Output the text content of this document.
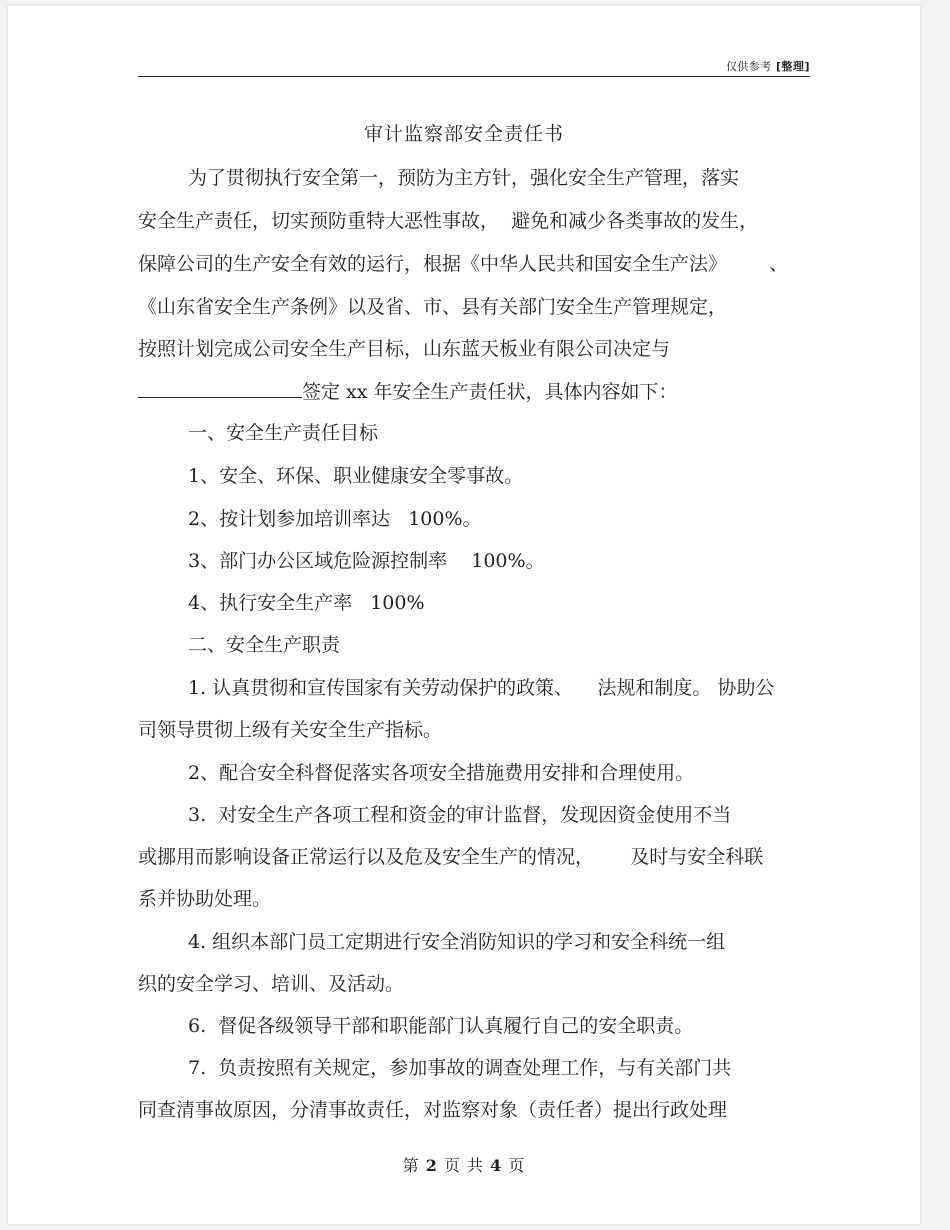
仅供参考 [整理]
审计监察部安全责任书
为了贯彻执行安全第一，预防为主方针，强化安全生产管理，落实
安全生产责任，切实预防重特大恶性事故，  避免和减少各类事故的发生，
保障公司的生产安全有效的运行，根据《中华人民共和国安全生产法》       、
《山东省安全生产条例》以及省、市、县有关部门安全生产管理规定，
按照计划完成公司安全生产目标，山东蓝天板业有限公司决定与
签定 xx 年安全生产责任状，具体内容如下：
一、安全生产责任目标
1、安全、环保、职业健康安全零事故。
2、按计划参加培训率达   100%。
3、部门办公区域危险源控制率    100%。
4、执行安全生产率   100%
二、安全生产职责
1. 认真贯彻和宣传国家有关劳动保护的政策、    法规和制度。 协助公
司领导贯彻上级有关安全生产指标。
2、配合安全科督促落实各项安全措施费用安排和合理使用。
3.  对安全生产各项工程和资金的审计监督，发现因资金使用不当
或挪用而影响设备正常运行以及危及安全生产的情况，      及时与安全科联
系并协助处理。
4. 组织本部门员工定期进行安全消防知识的学习和安全科统一组
织的安全学习、培训、及活动。
6.  督促各级领导干部和职能部门认真履行自己的安全职责。
7.  负责按照有关规定，参加事故的调查处理工作，与有关部门共
同查清事故原因，分清事故责任，对监察对象（责任者）提出行政处理
第 2 页 共 4 页
